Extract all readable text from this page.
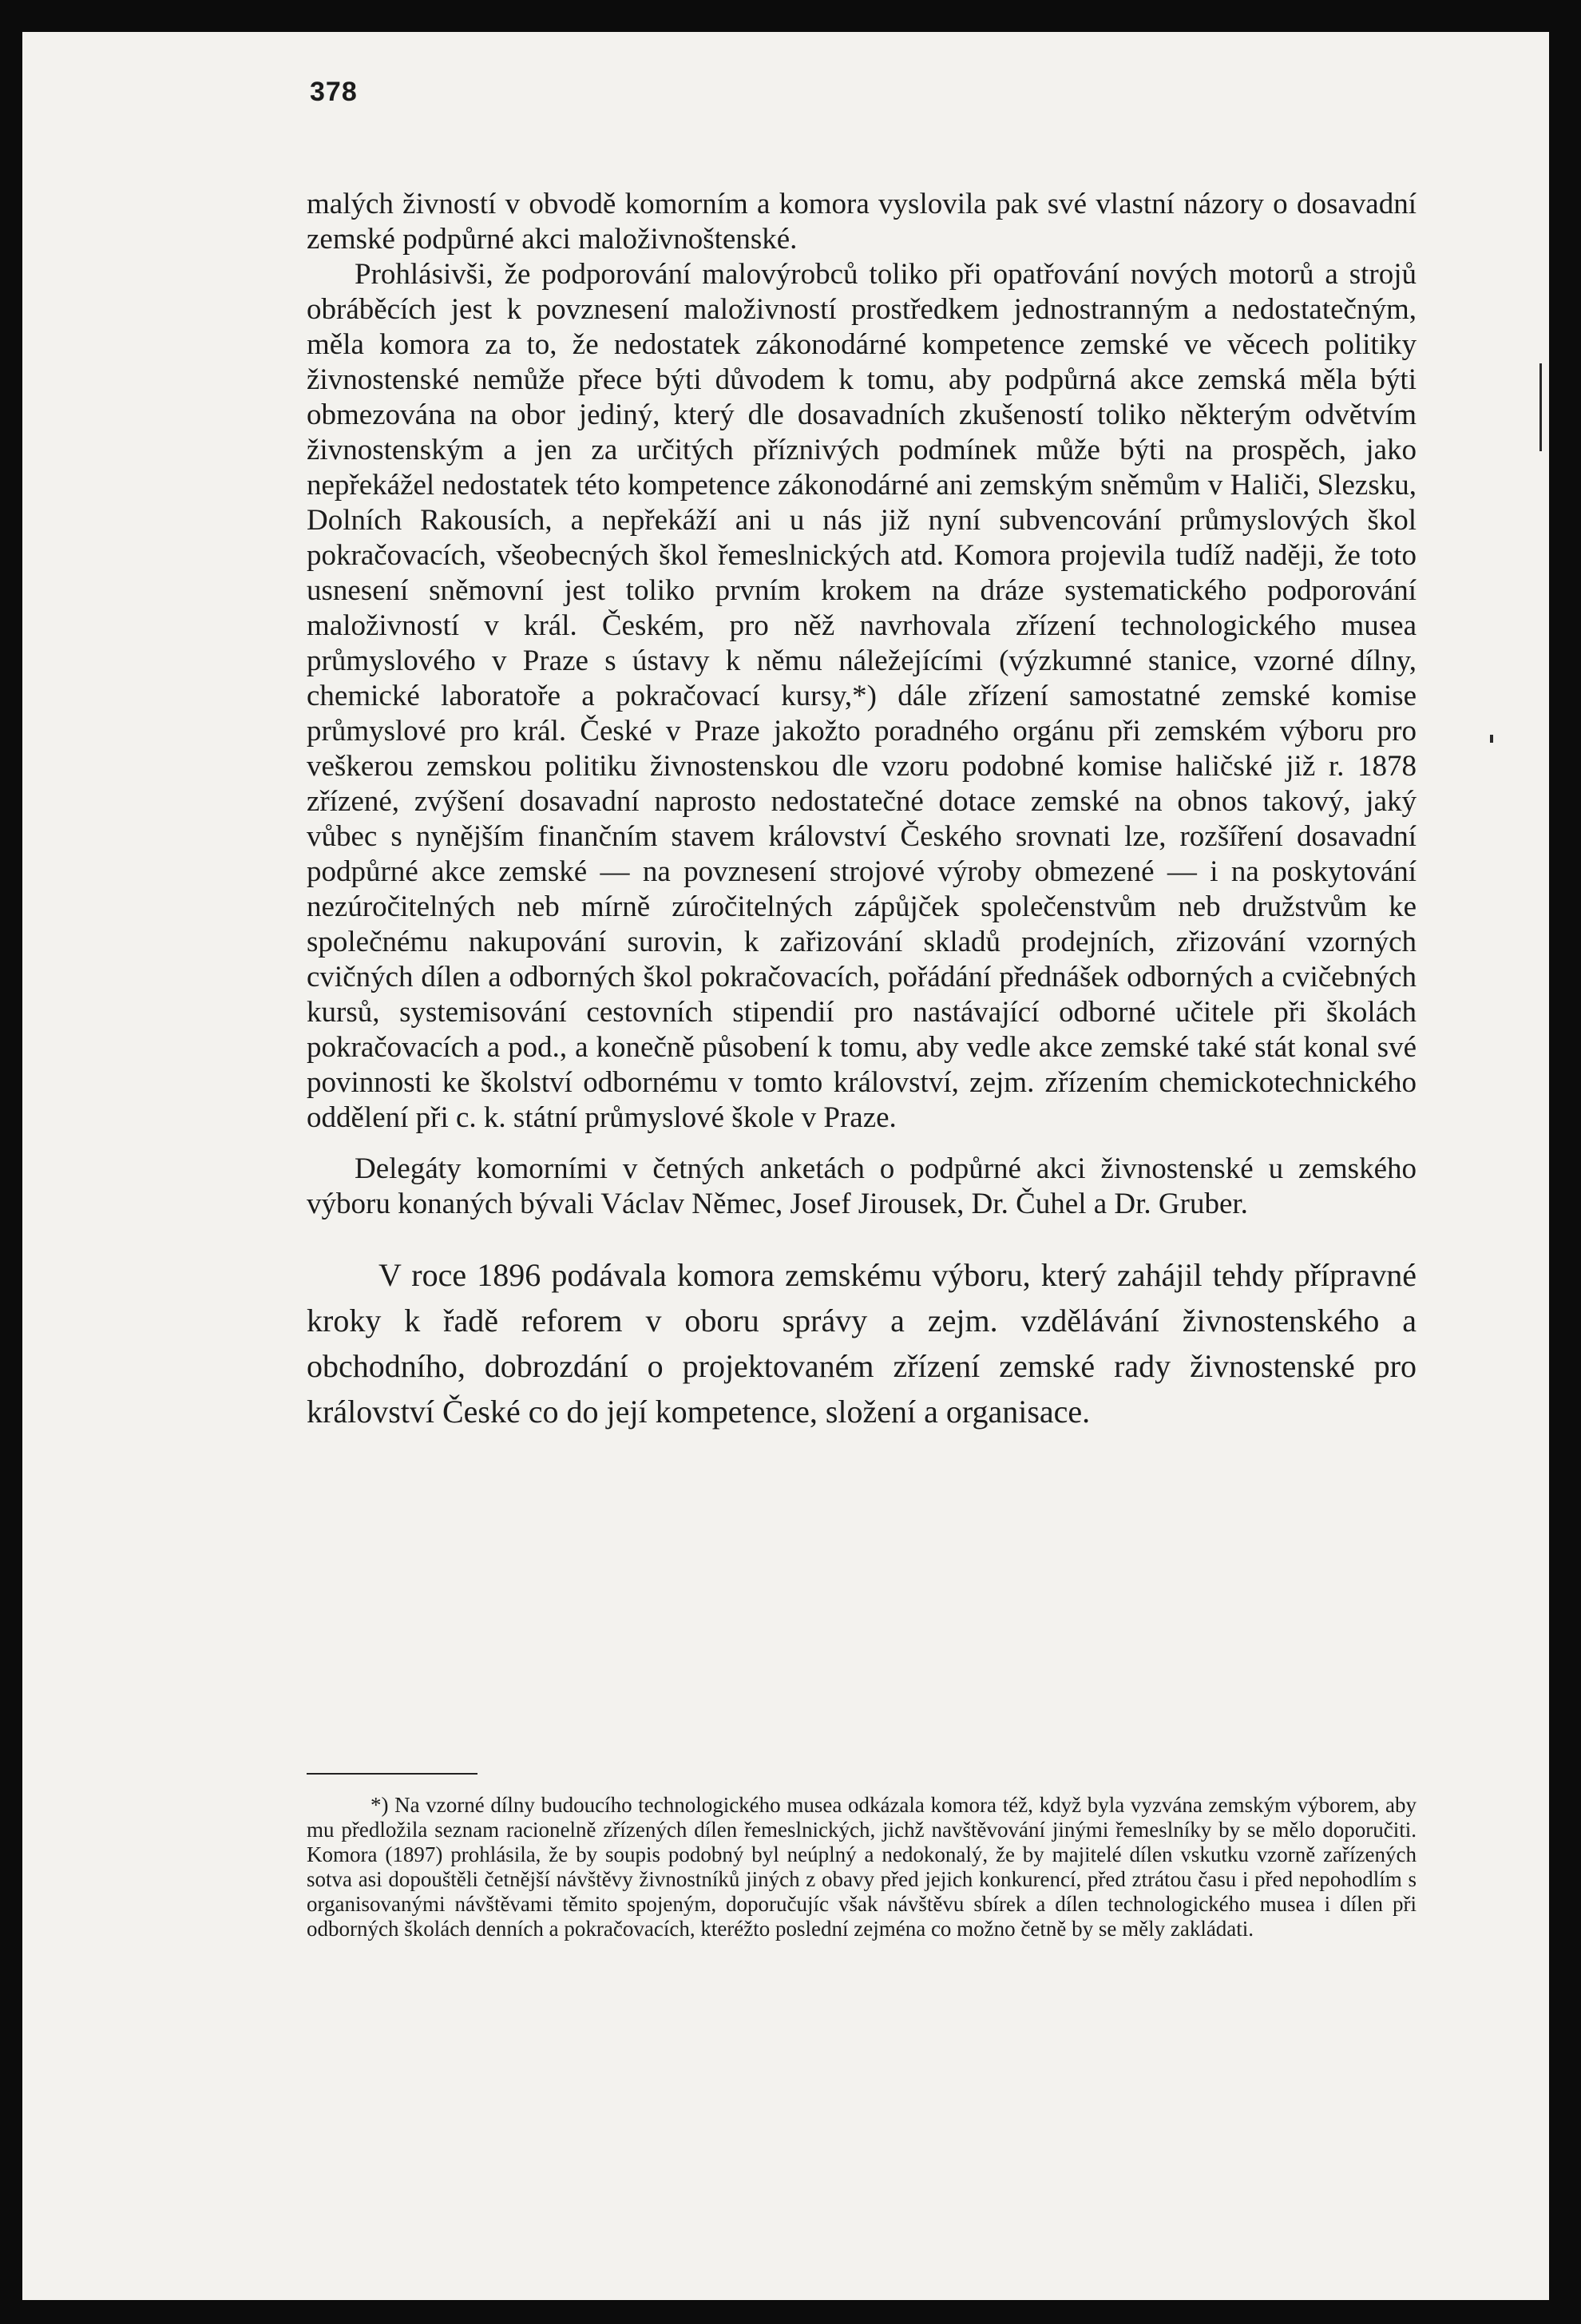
378

malých živností v obvodě komorním a komora vyslovila pak své vlastní názory o dosavadní zemské podpůrné akci maloživnoštenské.

Prohlásivši, že podporování malovýrobců toliko při opatřování nových motorů a strojů obráběcích jest k povznesení maloživností prostředkem jednostranným a nedostatečným, měla komora za to, že nedostatek zákonodárné kompetence zemské ve věcech politiky živnostenské nemůže přece býti důvodem k tomu, aby podpůrná akce zemská měla býti obmezována na obor jediný, který dle dosavadních zkušeností toliko některým odvětvím živnostenským a jen za určitých příznivých podmínek může býti na prospěch, jako nepřekážel nedostatek této kompetence zákonodárné ani zemským sněmům v Haliči, Slezsku, Dolních Rakousích, a nepřekáží ani u nás již nyní subvencování průmyslových škol pokračovacích, všeobecných škol řemeslnických atd. Komora projevila tudíž naději, že toto usnesení sněmovní jest toliko prvním krokem na dráze systematického podporování maloživností v král. Českém, pro něž navrhovala zřízení technologického musea průmyslového v Praze s ústavy k němu náležejícími (výzkumné stanice, vzorné dílny, chemické laboratoře a pokračovací kursy,*) dále zřízení samostatné zemské komise průmyslové pro král. České v Praze jakožto poradného orgánu při zemském výboru pro veškerou zemskou politiku živnostenskou dle vzoru podobné komise haličské již r. 1878 zřízené, zvýšení dosavadní naprosto nedostatečné dotace zemské na obnos takový, jaký vůbec s nynějším finančním stavem království Českého srovnati lze, rozšíření dosavadní podpůrné akce zemské — na povznesení strojové výroby obmezené — i na poskytování nezúročitelných neb mírně zúročitelných zápůjček společenstvům neb družstvům ke společnému nakupování surovin, k zařizování skladů prodejních, zřizování vzorných cvičných dílen a odborných škol pokračovacích, pořádání přednášek odborných a cvičebných kursů, systemisování cestovních stipendií pro nastávající odborné učitele při školách pokračovacích a pod., a konečně působení k tomu, aby vedle akce zemské také stát konal své povinnosti ke školství odbornému v tomto království, zejm. zřízením chemickotechnického oddělení při c. k. státní průmyslové škole v Praze.

Delegáty komorními v četných anketách o podpůrné akci živnostenské u zemského výboru konaných bývali Václav Němec, Josef Jirousek, Dr. Čuhel a Dr. Gruber.

V roce 1896 podávala komora zemskému výboru, který zahájil tehdy přípravné kroky k řadě reforem v oboru správy a zejm. vzdělávání živnostenského a obchodního, dobrozdání o projektovaném zřízení zemské rady živnostenské pro království České co do její kompetence, složení a organisace.

*) Na vzorné dílny budoucího technologického musea odkázala komora též, když byla vyzvána zemským výborem, aby mu předložila seznam racionelně zřízených dílen řemeslnických, jichž navštěvování jinými řemeslníky by se mělo doporučiti. Komora (1897) prohlásila, že by soupis podobný byl neúplný a nedokonalý, že by majitelé dílen vskutku vzorně zařízených sotva asi dopouštěli četnější návštěvy živnostníků jiných z obavy před jejich konkurencí, před ztrátou času i před nepohodlím s organisovanými návštěvami těmito spojeným, doporučujíc však návštěvu sbírek a dílen technologického musea i dílen při odborných školách denních a pokračovacích, kteréžto poslední zejména co možno četně by se měly zakládati.
